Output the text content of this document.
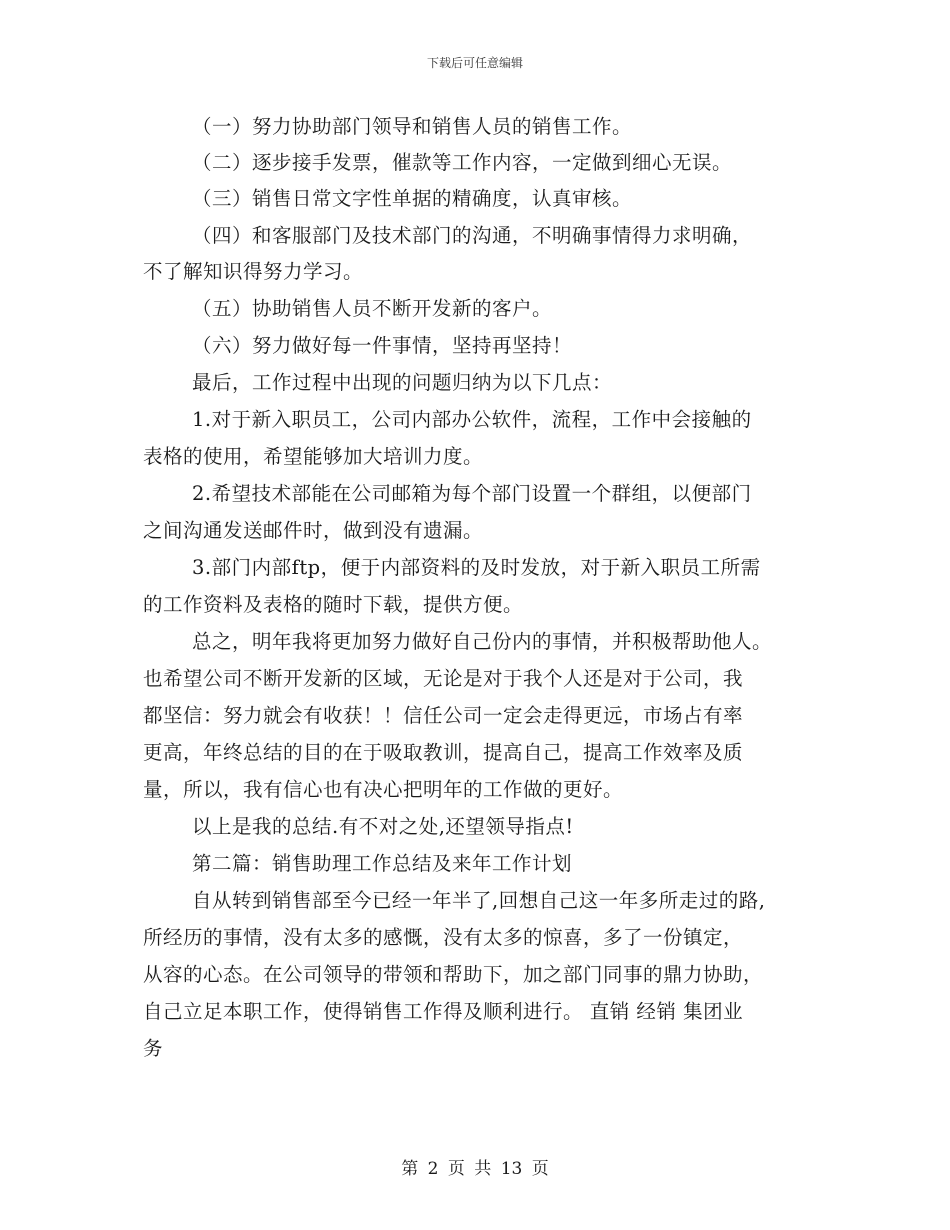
下载后可任意编辑
（一）努力协助部门领导和销售人员的销售工作。
（二）逐步接手发票，催款等工作内容，一定做到细心无误。
（三）销售日常文字性单据的精确度，认真审核。
（四）和客服部门及技术部门的沟通，不明确事情得力求明确，
不了解知识得努力学习。
（五）协助销售人员不断开发新的客户。
（六）努力做好每一件事情，坚持再坚持！
最后，工作过程中出现的问题归纳为以下几点：
1.对于新入职员工，公司内部办公软件，流程，工作中会接触的
表格的使用，希望能够加大培训力度。
2.希望技术部能在公司邮箱为每个部门设置一个群组，以便部门
之间沟通发送邮件时，做到没有遗漏。
3.部门内部ftp，便于内部资料的及时发放，对于新入职员工所需
的工作资料及表格的随时下载，提供方便。
总之，明年我将更加努力做好自己份内的事情，并积极帮助他人。
也希望公司不断开发新的区域，无论是对于我个人还是对于公司，我
都坚信：努力就会有收获！！信任公司一定会走得更远，市场占有率
更高，年终总结的目的在于吸取教训，提高自己，提高工作效率及质
量，所以，我有信心也有决心把明年的工作做的更好。
以上是我的总结.有不对之处,还望领导指点!
第二篇：销售助理工作总结及来年工作计划
自从转到销售部至今已经一年半了,回想自己这一年多所走过的路,
所经历的事情，没有太多的感慨，没有太多的惊喜，多了一份镇定，
从容的心态。在公司领导的带领和帮助下，加之部门同事的鼎力协助，
自己立足本职工作，使得销售工作得及顺利进行。 直销 经销 集团业
务
第 2 页 共 13 页
